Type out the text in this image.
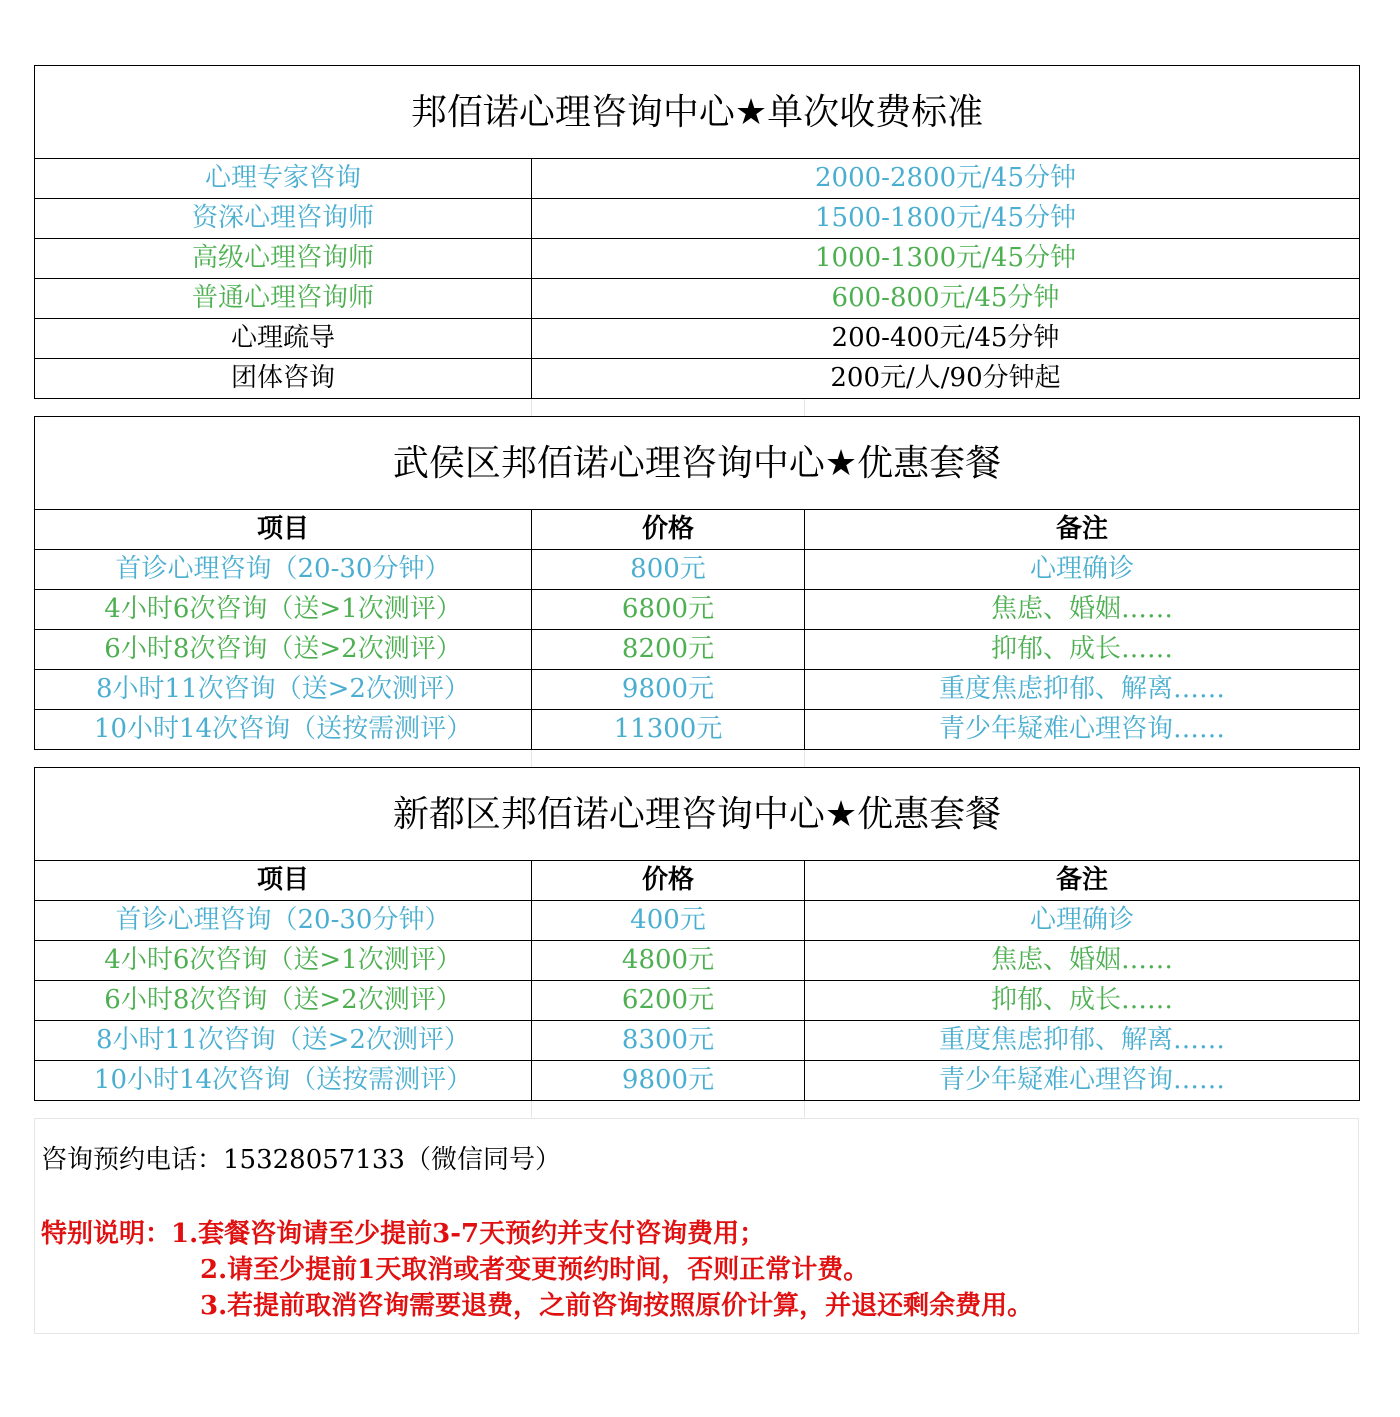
邦佰诺心理咨询中心★单次收费标准	
心理专家咨询	2000-2800元/45分钟
资深心理咨询师	1500-1800元/45分钟
高级心理咨询师	1000-1300元/45分钟
普通心理咨询师	600-800元/45分钟
心理疏导	200-400元/45分钟
团体咨询	200元/人/90分钟起
武侯区邦佰诺心理咨询中心★优惠套餐		
项目	价格	备注
首诊心理咨询（20-30分钟）	800元	心理确诊
4小时6次咨询（送>1次测评）	6800元	焦虑、婚姻……
6小时8次咨询（送>2次测评）	8200元	抑郁、成长……
8小时11次咨询（送>2次测评）	9800元	重度焦虑抑郁、解离……
10小时14次咨询（送按需测评）	11300元	青少年疑难心理咨询……
新都区邦佰诺心理咨询中心★优惠套餐		
项目	价格	备注
首诊心理咨询（20-30分钟）	400元	心理确诊
4小时6次咨询（送>1次测评）	4800元	焦虑、婚姻……
6小时8次咨询（送>2次测评）	6200元	抑郁、成长……
8小时11次咨询（送>2次测评）	8300元	重度焦虑抑郁、解离……
10小时14次咨询（送按需测评）	9800元	青少年疑难心理咨询……
咨询预约电话：15328057133（微信同号）
特别说明：1.套餐咨询请至少提前3-7天预约并支付咨询费用；
2.请至少提前1天取消或者变更预约时间，否则正常计费。
3.若提前取消咨询需要退费，之前咨询按照原价计算，并退还剩余费用。
